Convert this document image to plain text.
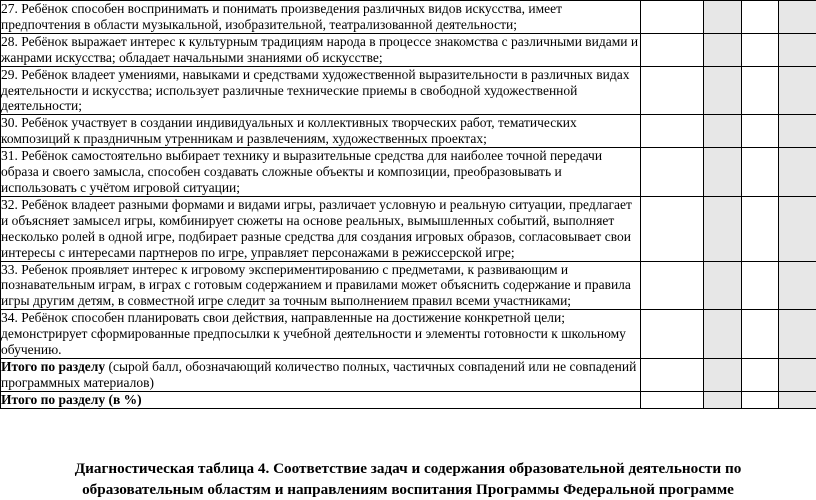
27. Ребёнок способен воспринимать и понимать произведения различных видов искусства, имеет предпочтения в области музыкальной, изобразительной, театрализованной деятельности;				
28. Ребёнок выражает интерес к культурным традициям народа в процессе знакомства с различными видами и жанрами искусства; обладает начальными знаниями об искусстве;				
29. Ребёнок владеет умениями, навыками и средствами художественной выразительности в различных видах деятельности и искусства; использует различные технические приемы в свободной художественной деятельности;				
30. Ребёнок участвует в создании индивидуальных и коллективных творческих работ, тематических композиций к праздничным утренникам и развлечениям, художественных проектах;				
31. Ребёнок самостоятельно выбирает технику и выразительные средства для наиболее точной передачи образа и своего замысла, способен создавать сложные объекты и композиции, преобразовывать и использовать с учётом игровой ситуации;				
32. Ребёнок владеет разными формами и видами игры, различает условную и реальную ситуации, предлагает и объясняет замысел игры, комбинирует сюжеты на основе реальных, вымышленных событий, выполняет несколько ролей в одной игре, подбирает разные средства для создания игровых образов, согласовывает свои интересы с интересами партнеров по игре, управляет персонажами в режиссерской игре;				
33. Ребенок проявляет интерес к игровому экспериментированию с предметами, к развивающим и познавательным играм, в играх с готовым содержанием и правилами может объяснить содержание и правила игры другим детям, в совместной игре следит за точным выполнением правил всеми участниками;				
34. Ребёнок способен планировать свои действия, направленные на достижение конкретной цели; демонстрирует сформированные предпосылки к учебной деятельности и элементы готовности к школьному обучению.				
Итого по разделу (сырой балл, обозначающий количество полных, частичных совпадений или не совпадений программных материалов)				
Итого по разделу (в %)				
Диагностическая таблица 4. Соответствие задач и содержания образовательной деятельности по
образовательным областям и направлениям воспитания Программы Федеральной программе
